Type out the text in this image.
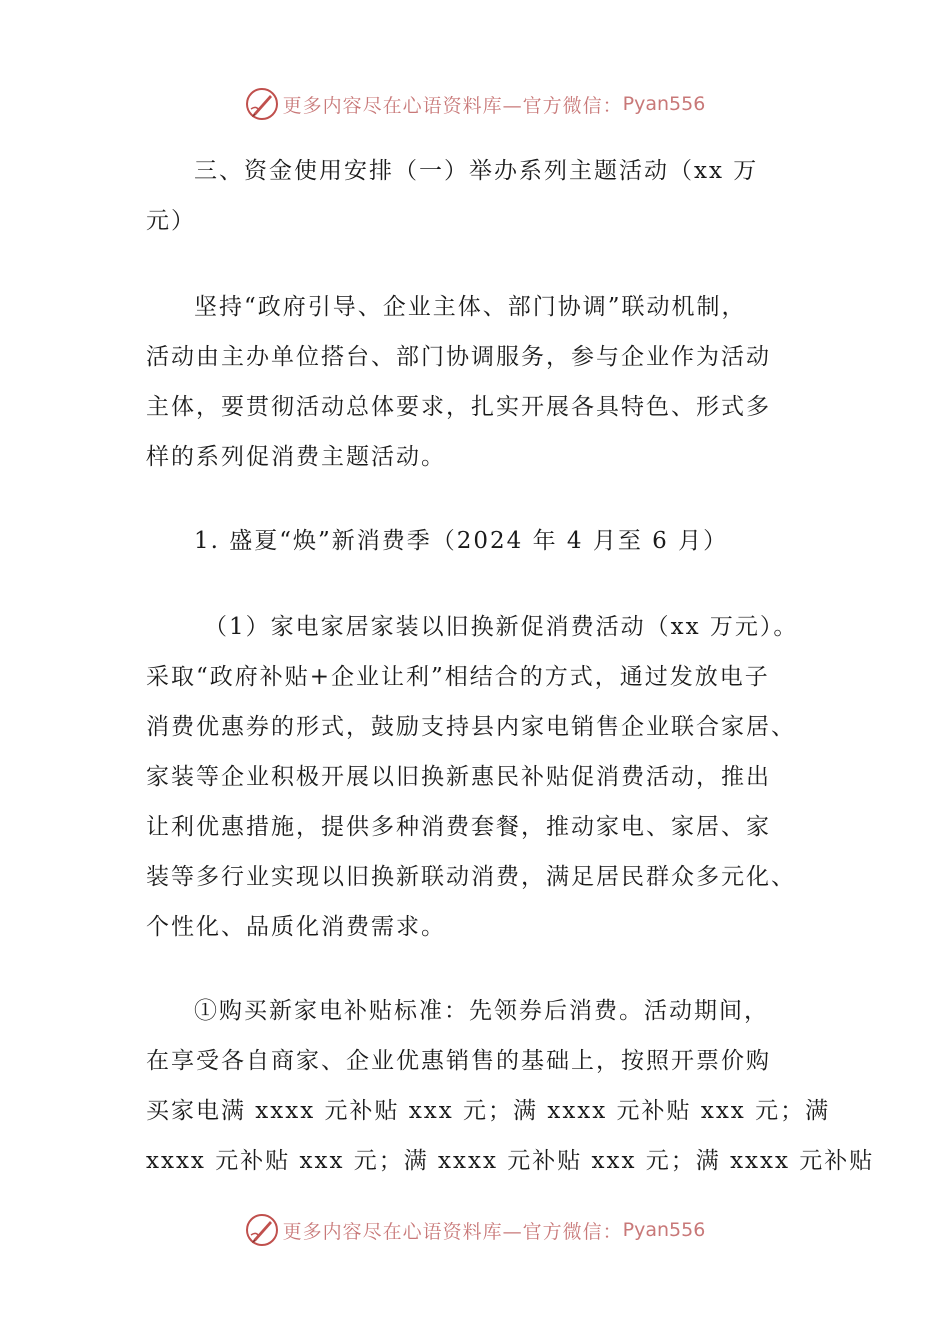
更多内容尽在心语资料库—官方微信： Pyan556
三、资金使用安排（一）举办系列主题活动（xx 万
元）
坚持“政府引导、企业主体、部门协调”联动机制，
活动由主办单位搭台、部门协调服务，参与企业作为活动
主体，要贯彻活动总体要求，扎实开展各具特色、形式多
样的系列促消费主题活动。
1. 盛夏“焕”新消费季（2024 年 4 月至 6 月）
（1）家电家居家装以旧换新促消费活动（xx 万元）。
采取“政府补贴+企业让利”相结合的方式，通过发放电子
消费优惠券的形式，鼓励支持县内家电销售企业联合家居、
家装等企业积极开展以旧换新惠民补贴促消费活动，推出
让利优惠措施，提供多种消费套餐，推动家电、家居、家
装等多行业实现以旧换新联动消费，满足居民群众多元化、
个性化、品质化消费需求。
①购买新家电补贴标准：先领券后消费。活动期间，
在享受各自商家、企业优惠销售的基础上，按照开票价购
买家电满 xxxx 元补贴 xxx 元；满 xxxx 元补贴 xxx 元；满
xxxx 元补贴 xxx 元；满 xxxx 元补贴 xxx 元；满 xxxx 元补贴
更多内容尽在心语资料库—官方微信： Pyan556
